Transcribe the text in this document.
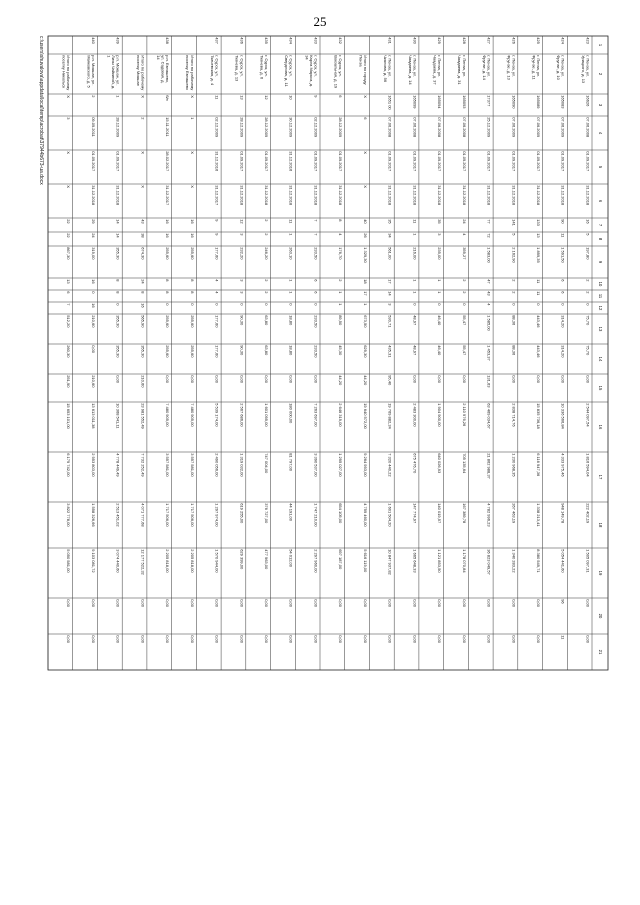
25
1
2
3
4
5
6
7
8
9
10
11
12
13
14
15
16
17
18
19
20
21
423
г. Пенза, ул.
Урицкого, д. 13
16626
07.06.2008
01.09.2017
31.12.2018
16
5
197,80
2
2
0
75,70
75,70
0,00
2 544 097,54
1 816 594,04
222 402,19
1 505 097,31
0,00
0,00
424
г. Пенза, ул.
Фрунзе, д. 10
165083
07.06.2009
01.09.2017
31.12.2018
90
11
1 591,50
6
6
0
314,20
314,20
0,00
10 336 566,84
4 333 975,46
948 149,78
5 054 441,60
96
11
425
г. Пенза, ул.
Фрунзе, д. 11
165089
07.06.2009
01.09.2017
31.12.2018
133
13
1 899,35
11
11
0
443,46
443,46
0,00
15 835 736,18
6 116 947,36
1 338 213,41
8 380 549,71
0,00
0,00
426
г. Пенза, ул.
Фрунзе, д. 13
165090
07.06.2009
01.09.2017
31.12.2018
141
5
2 162,90
2
2
0
88,36
88,36
0,00
2 838 714,76
1 230 968,35
267 463,19
1 340 283,22
0,00
0,00
427
г. Пенза, ул.
Фрунзе, д. 14
17377
25.12.2009
01.09.2017
31.12.2018
77
72
1 583,00
47
43
4
1 585,00
1 453,37
131,63
63 469 034,67
21 862 988,37
4 782 996,23
36 823 049,57
0,00
0,00
428
г. Пенза, ул.
Чаадаева, д. 31
165093
07.06.2008
01.09.2017
31.12.2018
24
4
359,27
2
2
0
55,47
55,47
0,00
2 110 976,26
705 135,64
167 389,78
1 178 070,84
0,00
0,00
429
г. Пенза, ул.
Чаадаева, д. 37
165094
07.06.2008
01.09.2017
31.12.2018
35
3
235,00
1
1
0
46,40
46,40
0,00
1 904 900,00
640 026,93
140 019,57
1 121 853,50
0,00
0,00
430
г. Пенза, ул.
Чаадаева, д. 14
165099
07.06.2008
01.09.2017
31.12.2018
11
1
216,00
1
1
0
48,97
48,97
0,00
2 483 300,00
675 476,70
147 774,97
1 665 648,33
0,00
0,00
431
г. Пенза, ул.
Чкалова, д. 56
1651 00
07.06.2008
01.09.2017
31.12.2018
35
34
561,00
17
14
3
530,71
435,31
95,40
19 769 882,24
7 320 440,22
1 601 504,20
10 847 937,82
0,00
0,00
Итого по городу
Пенза
X
6
X
X
40
26
1 329,30
18
17
1
673,50
629,30
44,20
19 640 572,00
9 264 993,00
4 759 460,00
5 616 119,00
0,00
0,00
432
г. Сурск, ул.
Вокзальная, д. 19
6
28.12.2009
01.09.2017
31.12.2018
8
4
176,70
2
1
1
89,50
45,30
44,20
2 646 319,00
1 295 027,00
654 105,00
697 187,00
0,00
0,00
433
г. Сурск, ул.
Карла Маркса, д.
34
9
02.12.2009
01.09.2017
31.12.2018
7
7
233,50
6
6
0
233,50
233,50
0,00
7 263 697,00
3 390 537,00
1 747 210,00
2 297 960,00
0,00
0,00
434
г. Сурск, ул.
Свердлова, д. 11
10
30.12.2009
31.12.2016
31.12.2018
11
1
263,10
1
1
0
18,80
18,80
0,00
180 000,00
81 797,00
44 191,00
54 012,00
0,00
0,00
435
г. Сурск, ул.
Ткачева, д. 6
12
28.12.2009
01.09.2017
31.12.2018
2
2
246,20
2
2
0
63,80
63,80
0,00
1 601 095,00
747 004,00
376 727,00
477 963,00
0,00
0,00
436
г. Сурск, ул.
Ткачева, д. 13
13
28.12.2009
01.09.2017
31.12.2018
12
3
232,20
3
3
0
90,30
90,30
0,00
2 567 686,00
1 319 032,00
619 255,00
629 399,00
0,00
0,00
437
г. Сурск, ул.
Ткачевская, д. 4
11
02.12.2009
31.12.2016
31.12.2017
9
9
177,60
4
4
0
177,60
177,60
0,00
5 539 174,00
2 490 056,00
1 297 974,00
1 570 944,00
0,00
0,00
Итого по рабочему
поселку Евлашево
X
1
X
X
16
16
255,60
8
8
0
255,60
255,60
0,00
7 480 905,00
3 557 581,00
1 717 506,00
2 205 818,00
0,00
0,00
438
р.п. Евлашево,
ул. Садовая, д.
14
б/н
15.11.2011
28.02.2017
31.12.2017
16
16
255,60
8
8
0
255,60
255,60
0,00
7 480 905,00
3 557 581,00
1 717 506,00
2 205 818,00
0,00
0,00
Итого по рабочему
поселку Мокшан
X
2
X
X
43
38
674,30
24
8
16
565,90
355,30
210,60
23 981 552,49
7 732 252,49
4 071 777,68
12 177 522,32
0,00
0,00
439
р.п. Мокшан, ул.
Лизы Чайкиной, д.
1
1
28.12.2009
01.09.2017
31.12.2018
14
14
355,30
8
8
0
355,30
355,30
0,00
10 368 541,11
4 778 449,49
2 513 451,02
3 074 440,60
0,00
0,00
440
р.п. Мокшан, ул.
Маяковского, д. 5
2
09.09.2011
01.09.2017
31.12.2018
29
24
319,00
16
0
16
210,60
0,00
210,60
13 613 011,38
2 953 803,00
1 558 326,66
9 103 081,72
0,00
0,00
Итого по рабочему
поселку Никольск
X
3
X
X
22
22
867,30
13
6
7
512,20
260,30
251,90
15 653 101,00
6 179 742,00
3 822 778,00
5 050 581,00
0,00
0,00
c:\users\shuvalova\appdata\local\temp\acrobat\37944b673-ua.docx
